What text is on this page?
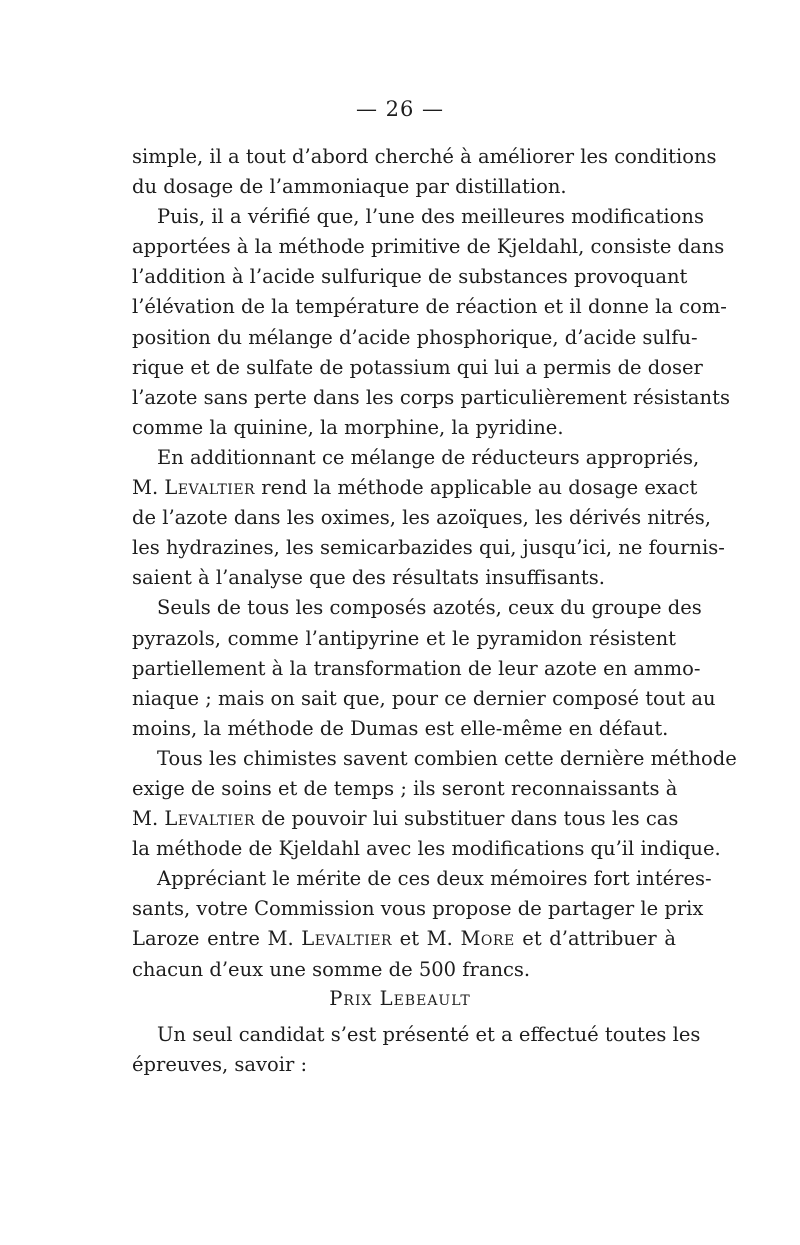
— 26 —
simple, il a tout d’abord cherché à améliorer les conditions
du dosage de l’ammoniaque par distillation.
Puis, il a vérifié que, l’une des meilleures modifications
apportées à la méthode primitive de Kjeldahl, consiste dans
l’addition à l’acide sulfurique de substances provoquant
l’élévation de la température de réaction et il donne la com-
position du mélange d’acide phosphorique, d’acide sulfu-
rique et de sulfate de potassium qui lui a permis de doser
l’azote sans perte dans les corps particulièrement résistants
comme la quinine, la morphine, la pyridine.
En additionnant ce mélange de réducteurs appropriés,
M. Levaltier rend la méthode applicable au dosage exact
de l’azote dans les oximes, les azoïques, les dérivés nitrés,
les hydrazines, les semicarbazides qui, jusqu’ici, ne fournis-
saient à l’analyse que des résultats insuffisants.
Seuls de tous les composés azotés, ceux du groupe des
pyrazols, comme l’antipyrine et le pyramidon résistent
partiellement à la transformation de leur azote en ammo-
niaque ; mais on sait que, pour ce dernier composé tout au
moins, la méthode de Dumas est elle-même en défaut.
Tous les chimistes savent combien cette dernière méthode
exige de soins et de temps ; ils seront reconnaissants à
M. Levaltier de pouvoir lui substituer dans tous les cas
la méthode de Kjeldahl avec les modifications qu’il indique.
Appréciant le mérite de ces deux mémoires fort intéres-
sants, votre Commission vous propose de partager le prix
Laroze entre M. Levaltier et M. More et d’attribuer à
chacun d’eux une somme de 500 francs.
Prix Lebeault
Un seul candidat s’est présenté et a effectué toutes les
épreuves, savoir :
